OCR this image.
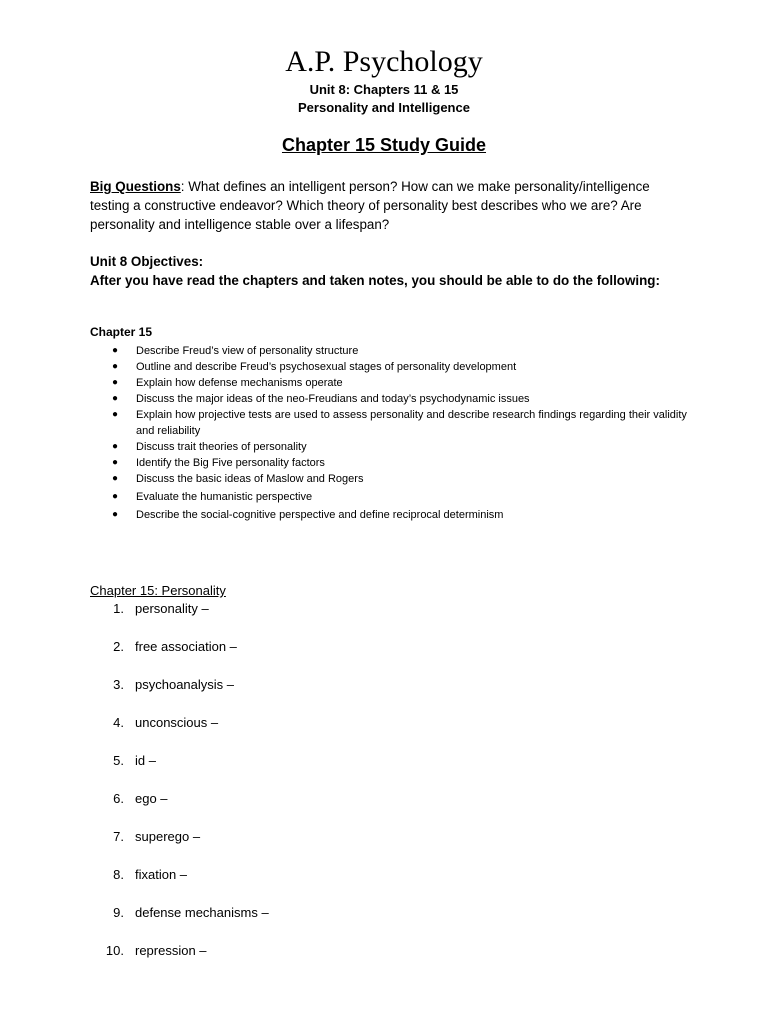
A.P. Psychology
Unit 8: Chapters 11 & 15
Personality and Intelligence
Chapter 15 Study Guide
Big Questions: What defines an intelligent person? How can we make personality/intelligence testing a constructive endeavor? Which theory of personality best describes who we are? Are personality and intelligence stable over a lifespan?
Unit 8 Objectives:
After you have read the chapters and taken notes, you should be able to do the following:
Chapter 15
● Describe Freud’s view of personality structure
● Outline and describe Freud’s psychosexual stages of personality development
● Explain how defense mechanisms operate
● Discuss the major ideas of the neo-Freudians and today’s psychodynamic issues
● Explain how projective tests are used to assess personality and describe research findings regarding their validity and reliability
● Discuss trait theories of personality
● Identify the Big Five personality factors
● Discuss the basic ideas of Maslow and Rogers
● Evaluate the humanistic perspective
● Describe the social-cognitive perspective and define reciprocal determinism
Chapter 15: Personality
1. personality –
2. free association –
3. psychoanalysis –
4. unconscious –
5. id –
6. ego –
7. superego –
8. fixation –
9. defense mechanisms –
10. repression –
